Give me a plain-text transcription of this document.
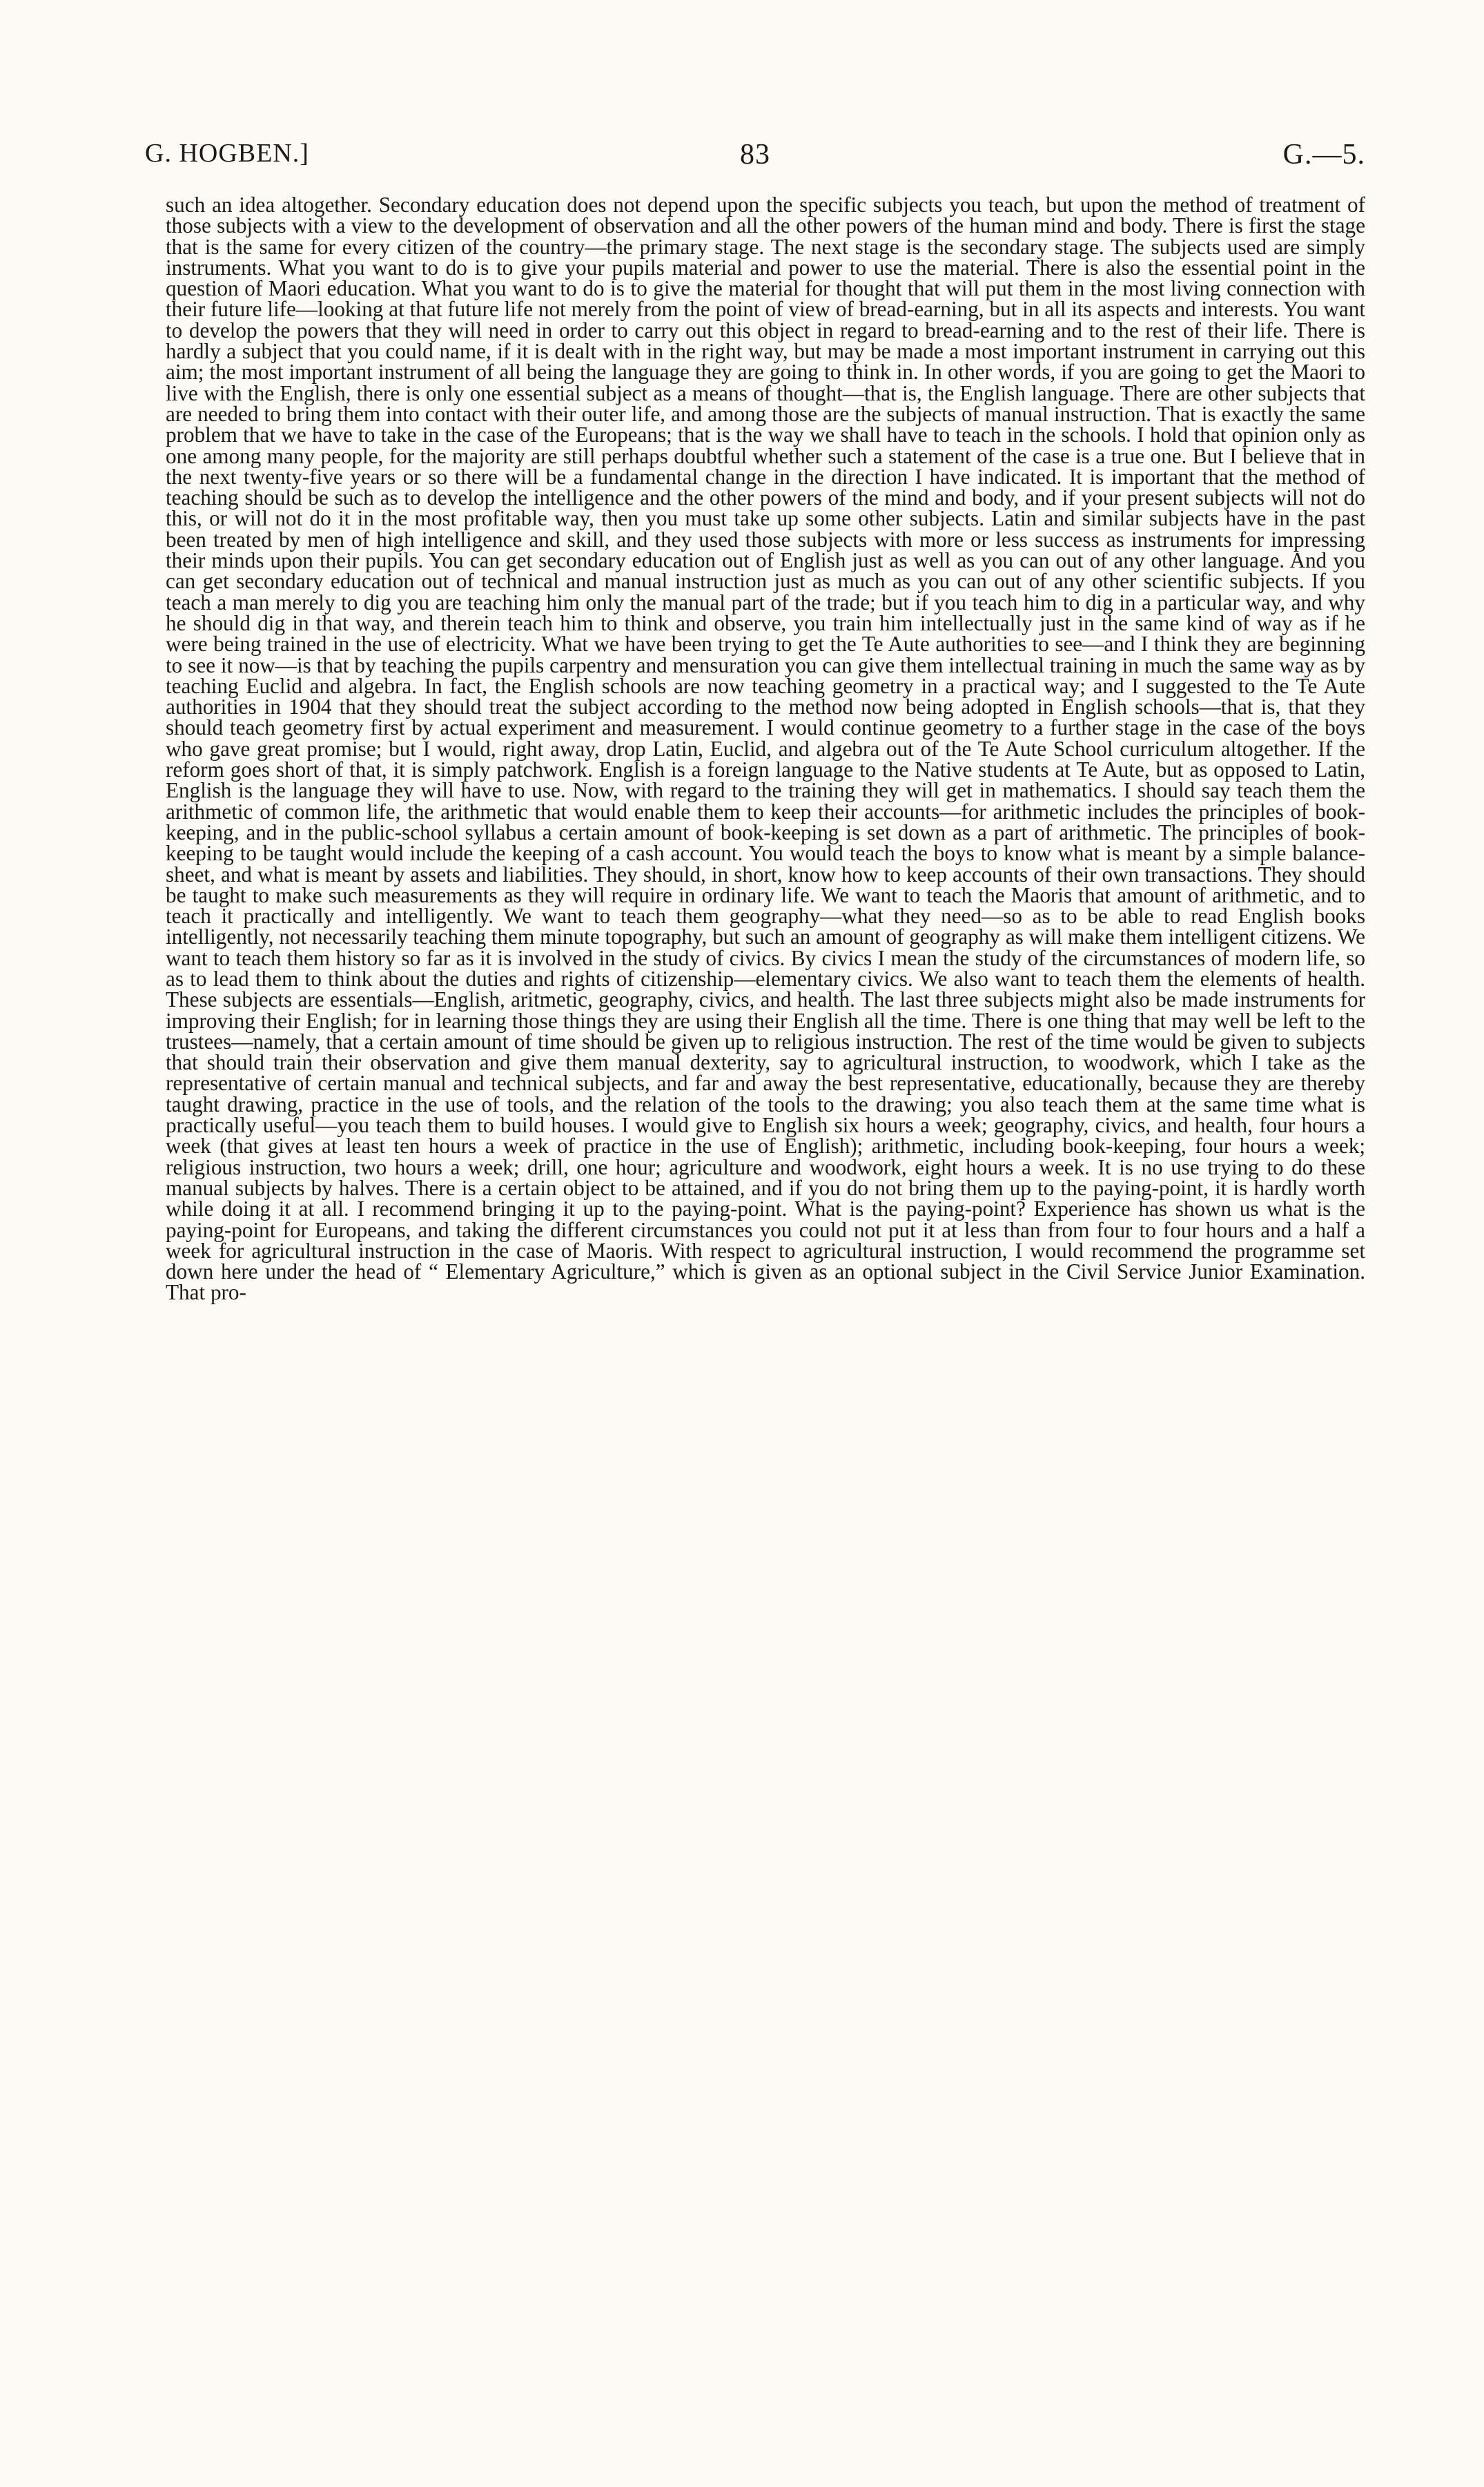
G. HOGBEN.]	83	G.—5.

such an idea altogether. Secondary education does not depend upon the specific subjects you teach, but upon the method of treatment of those subjects with a view to the development of observation and all the other powers of the human mind and body. There is first the stage that is the same for every citizen of the country—the primary stage. The next stage is the secondary stage. The subjects used are simply instruments. What you want to do is to give your pupils material and power to use the material. There is also the essential point in the question of Maori education. What you want to do is to give the material for thought that will put them in the most living connection with their future life—looking at that future life not merely from the point of view of bread-earning, but in all its aspects and interests. You want to develop the powers that they will need in order to carry out this object in regard to bread-earning and to the rest of their life. There is hardly a subject that you could name, if it is dealt with in the right way, but may be made a most important instrument in carrying out this aim; the most important instrument of all being the language they are going to think in. In other words, if you are going to get the Maori to live with the English, there is only one essential subject as a means of thought—that is, the English language. There are other subjects that are needed to bring them into contact with their outer life, and among those are the subjects of manual instruction. That is exactly the same problem that we have to take in the case of the Europeans; that is the way we shall have to teach in the schools. I hold that opinion only as one among many people, for the majority are still perhaps doubtful whether such a statement of the case is a true one. But I believe that in the next twenty-five years or so there will be a fundamental change in the direction I have indicated. It is important that the method of teaching should be such as to develop the intelligence and the other powers of the mind and body, and if your present subjects will not do this, or will not do it in the most profitable way, then you must take up some other subjects. Latin and similar subjects have in the past been treated by men of high intelligence and skill, and they used those subjects with more or less success as instruments for impressing their minds upon their pupils. You can get secondary education out of English just as well as you can out of any other language. And you can get secondary education out of technical and manual instruction just as much as you can out of any other scientific subjects. If you teach a man merely to dig you are teaching him only the manual part of the trade; but if you teach him to dig in a particular way, and why he should dig in that way, and therein teach him to think and observe, you train him intellectually just in the same kind of way as if he were being trained in the use of electricity. What we have been trying to get the Te Aute authorities to see—and I think they are beginning to see it now—is that by teaching the pupils carpentry and mensuration you can give them intellectual training in much the same way as by teaching Euclid and algebra. In fact, the English schools are now teaching geometry in a practical way; and I suggested to the Te Aute authorities in 1904 that they should treat the subject according to the method now being adopted in English schools—that is, that they should teach geometry first by actual experiment and measurement. I would continue geometry to a further stage in the case of the boys who gave great promise; but I would, right away, drop Latin, Euclid, and algebra out of the Te Aute School curriculum altogether. If the reform goes short of that, it is simply patchwork. English is a foreign language to the Native students at Te Aute, but as opposed to Latin, English is the language they will have to use. Now, with regard to the training they will get in mathematics. I should say teach them the arithmetic of common life, the arithmetic that would enable them to keep their accounts—for arithmetic includes the principles of book-keeping, and in the public-school syllabus a certain amount of book-keeping is set down as a part of arithmetic. The principles of book-keeping to be taught would include the keeping of a cash account. You would teach the boys to know what is meant by a simple balance-sheet, and what is meant by assets and liabilities. They should, in short, know how to keep accounts of their own transactions. They should be taught to make such measurements as they will require in ordinary life. We want to teach the Maoris that amount of arithmetic, and to teach it practically and intelligently. We want to teach them geography—what they need—so as to be able to read English books intelligently, not necessarily teaching them minute topography, but such an amount of geography as will make them intelligent citizens. We want to teach them history so far as it is involved in the study of civics. By civics I mean the study of the circumstances of modern life, so as to lead them to think about the duties and rights of citizenship—elementary civics. We also want to teach them the elements of health. These subjects are essentials—English, aritmetic, geography, civics, and health. The last three subjects might also be made instruments for improving their English; for in learning those things they are using their English all the time. There is one thing that may well be left to the trustees—namely, that a certain amount of time should be given up to religious instruction. The rest of the time would be given to subjects that should train their observation and give them manual dexterity, say to agricultural instruction, to woodwork, which I take as the representative of certain manual and technical subjects, and far and away the best representative, educationally, because they are thereby taught drawing, practice in the use of tools, and the relation of the tools to the drawing; you also teach them at the same time what is practically useful—you teach them to build houses. I would give to English six hours a week; geography, civics, and health, four hours a week (that gives at least ten hours a week of practice in the use of English); arithmetic, including book-keeping, four hours a week; religious instruction, two hours a week; drill, one hour; agriculture and woodwork, eight hours a week. It is no use trying to do these manual subjects by halves. There is a certain object to be attained, and if you do not bring them up to the paying-point, it is hardly worth while doing it at all. I recommend bringing it up to the paying-point. What is the paying-point? Experience has shown us what is the paying-point for Europeans, and taking the different circumstances you could not put it at less than from four to four hours and a half a week for agricultural instruction in the case of Maoris. With respect to agricultural instruction, I would recommend the programme set down here under the head of “ Elementary Agriculture,” which is given as an optional subject in the Civil Service Junior Examination. That pro-
